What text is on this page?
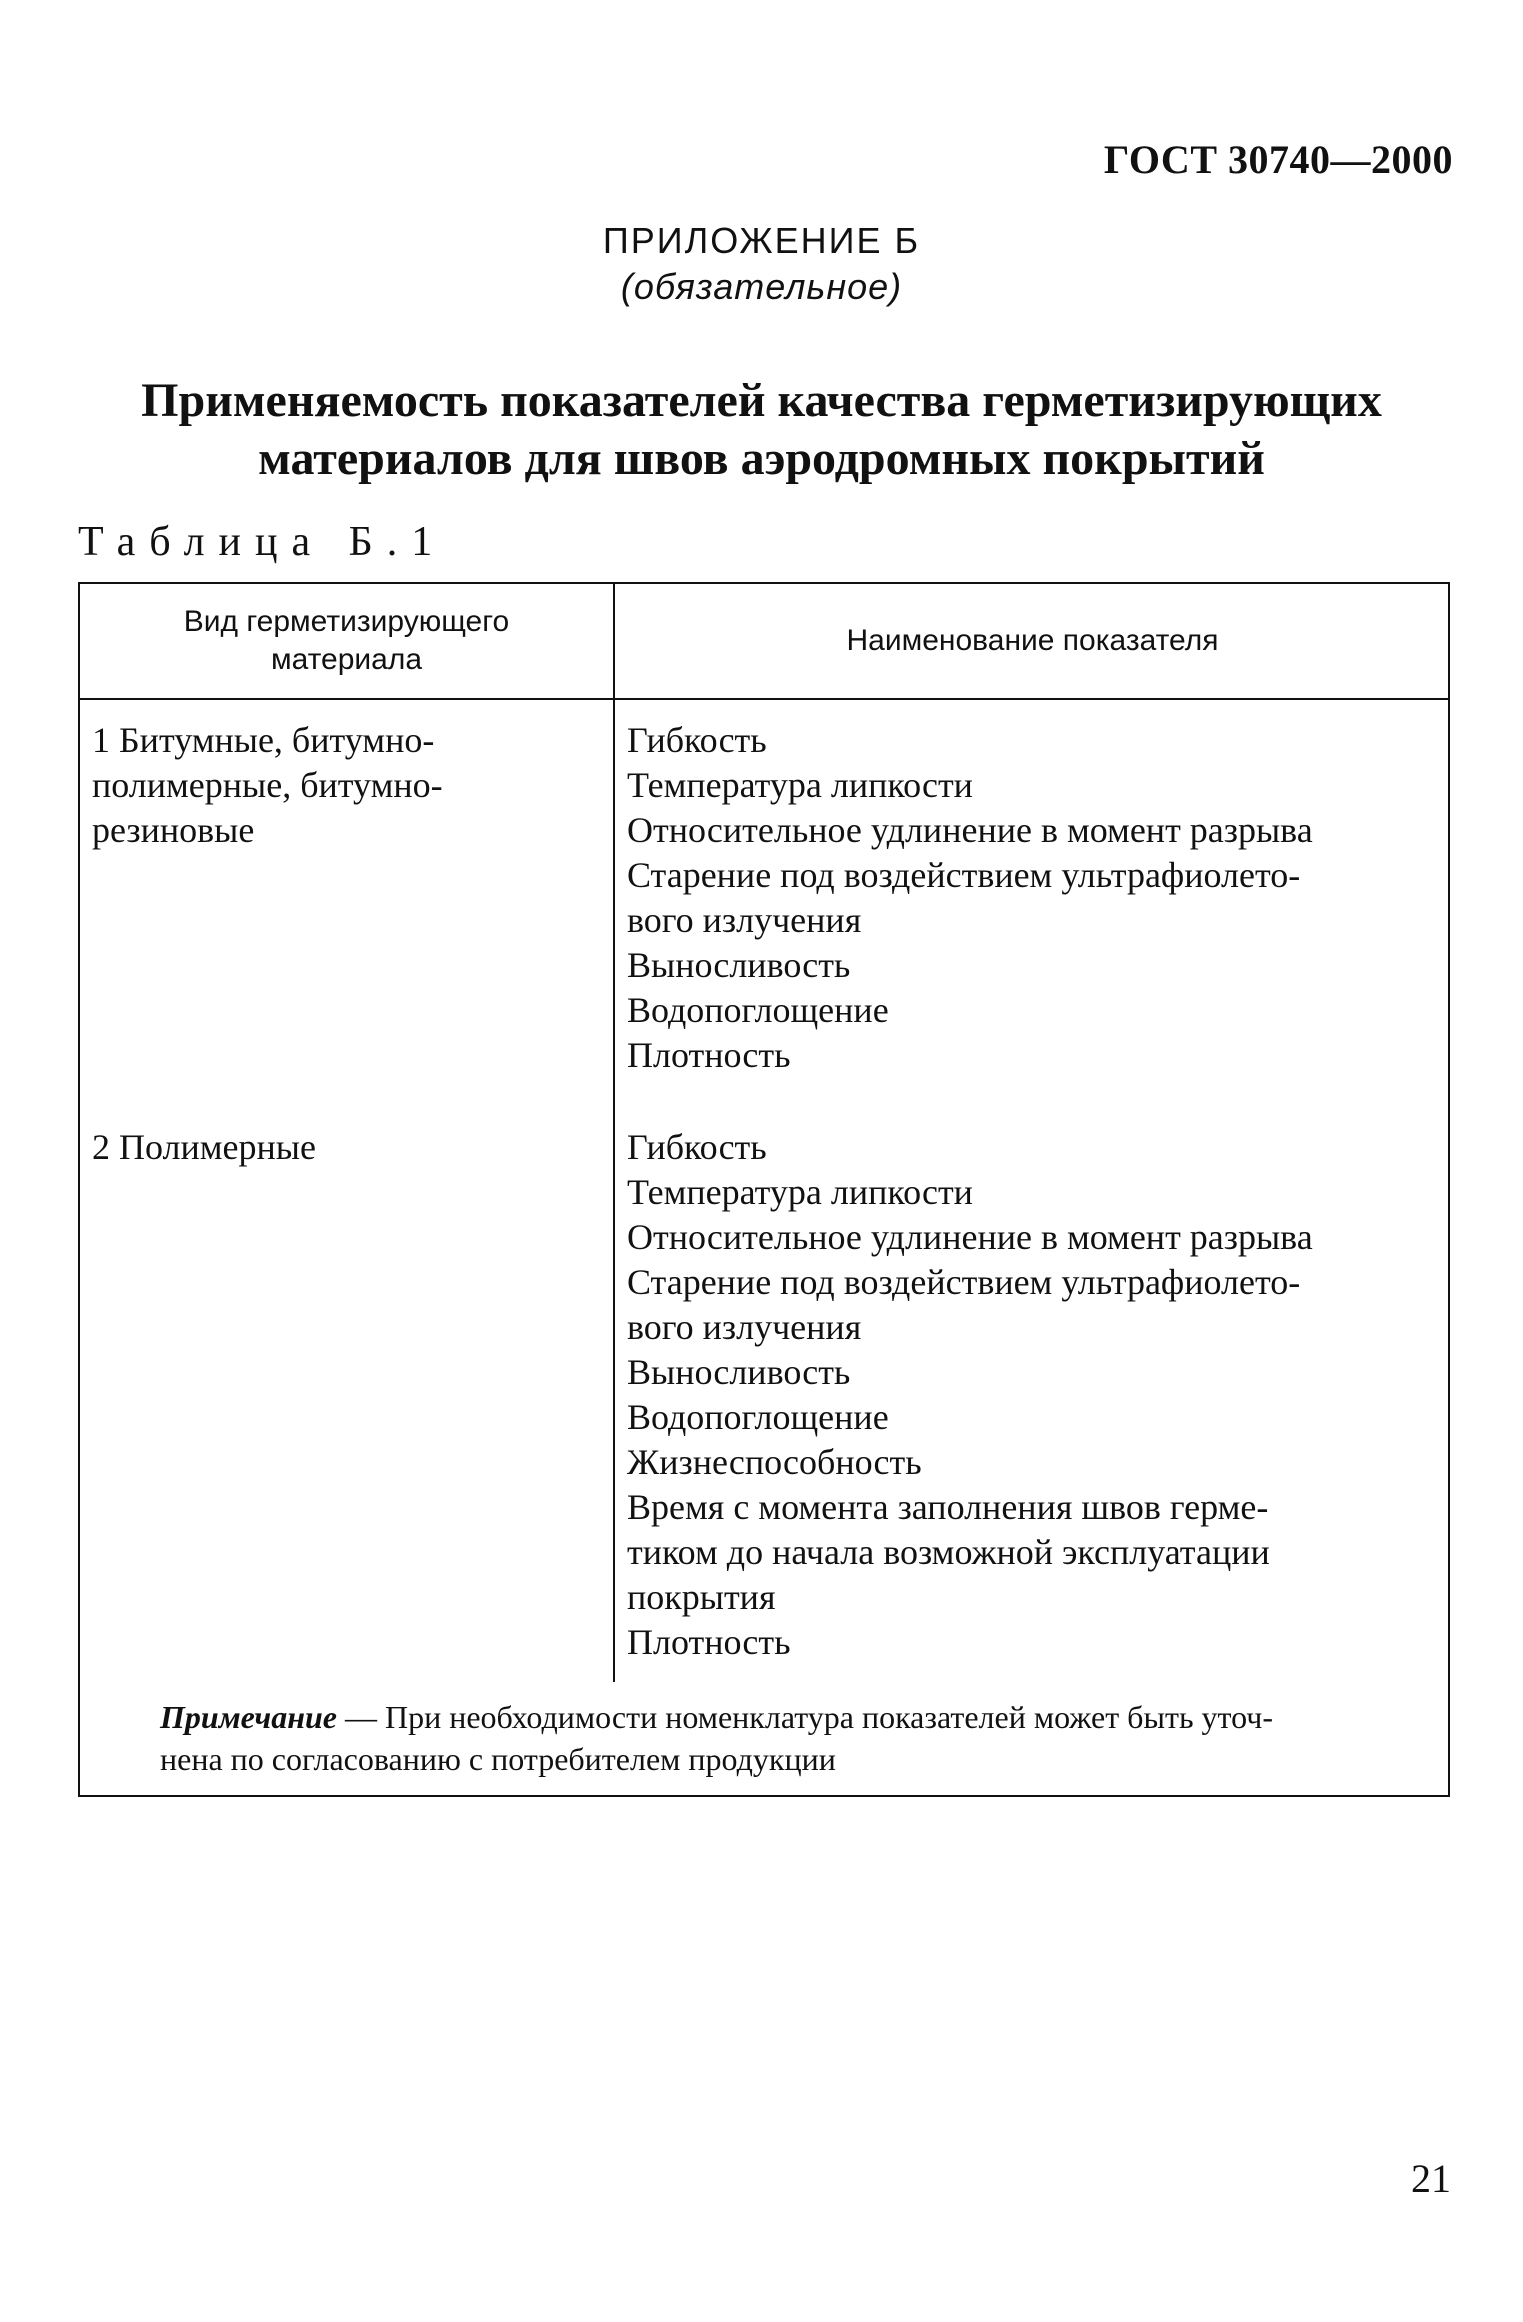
ГОСТ 30740—2000
ПРИЛОЖЕНИЕ Б
(обязательное)
Применяемость показателей качества герметизирующих
материалов для швов аэродромных покрытий
Таблица Б.1
Вид герметизирующего
материала
Наименование показателя
1 Битумные, битумно-
полимерные, битумно-
резиновые
Гибкость
Температура липкости
Относительное удлинение в момент разрыва
Старение под воздействием ультрафиолето-
вого излучения
Выносливость
Водопоглощение
Плотность
2 Полимерные	Гибкость
Температура липкости
Относительное удлинение в момент разрыва
Старение под воздействием ультрафиолето-
вого излучения
Выносливость
Водопоглощение
Жизнеспособность
Время с момента заполнения швов герме-
тиком до начала возможной эксплуатации
покрытия
Плотность
Примечание — При необходимости номенклатура показателей может быть уточ-
нена по согласованию с потребителем продукции
21
